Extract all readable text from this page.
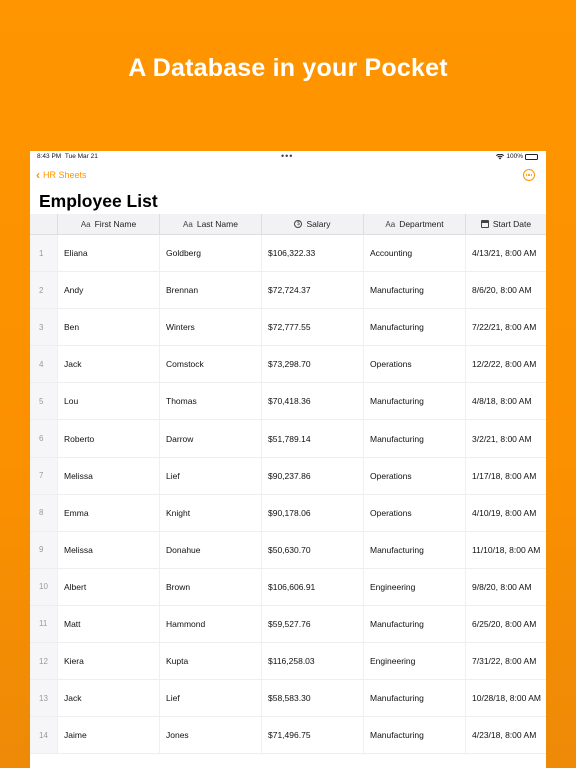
A Database in your Pocket
8:43 PM Tue Mar 21	•••	100%
‹ HR Sheets
Employee List
Aa First Name	Aa Last Name	$ Salary	Aa Department	Start Date
1	Eliana	Goldberg	$106,322.33	Accounting	4/13/21, 8:00 AM
2	Andy	Brennan	$72,724.37	Manufacturing	8/6/20, 8:00 AM
3	Ben	Winters	$72,777.55	Manufacturing	7/22/21, 8:00 AM
4	Jack	Comstock	$73,298.70	Operations	12/2/22, 8:00 AM
5	Lou	Thomas	$70,418.36	Manufacturing	4/8/18, 8:00 AM
6	Roberto	Darrow	$51,789.14	Manufacturing	3/2/21, 8:00 AM
7	Melissa	Lief	$90,237.86	Operations	1/17/18, 8:00 AM
8	Emma	Knight	$90,178.06	Operations	4/10/19, 8:00 AM
9	Melissa	Donahue	$50,630.70	Manufacturing	11/10/18, 8:00 AM
10	Albert	Brown	$106,606.91	Engineering	9/8/20, 8:00 AM
11	Matt	Hammond	$59,527.76	Manufacturing	6/25/20, 8:00 AM
12	Kiera	Kupta	$116,258.03	Engineering	7/31/22, 8:00 AM
13	Jack	Lief	$58,583.30	Manufacturing	10/28/18, 8:00 AM
14	Jaime	Jones	$71,496.75	Manufacturing	4/23/18, 8:00 AM
